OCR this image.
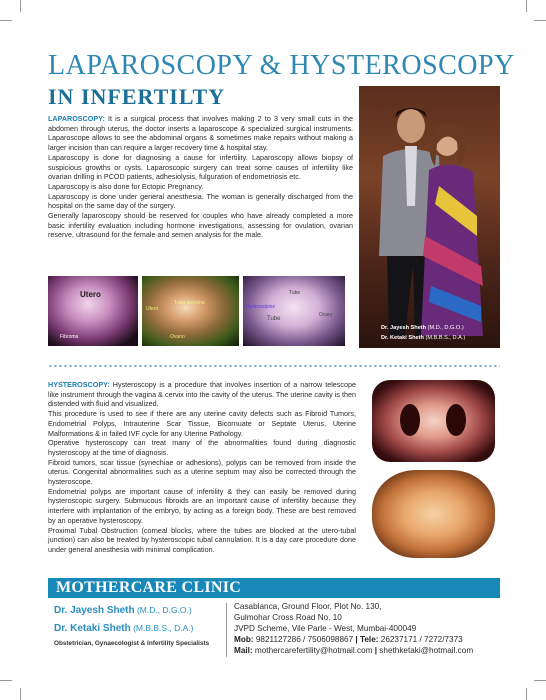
LAPAROSCOPY & HYSTEROSCOPY
IN INFERTILTY

LAPAROSCOPY: It is a surgical process that involves making 2 to 3 very small cuts in the abdomen through uterus, the doctor inserts a laparoscope & specialized surgical instruments. Laparoscope allows to see the abdominal organs & sometimes make repairs without making a larger incision than can require a larger recovery time & hospital stay.

Laparoscopy is done for diagnosing a cause for infertility. Laparoscopy allows biopsy of suspicious growths or cysts. Laparoscopic surgery can treat some causes of infertility like ovarian drilling in PCOD patients, adhesiolysis, fulguration of endometriosis etc.

Laparoscopy is also done for Ectopic Pregnancy.

Laparoscopy is done under general anesthesia. The woman is generally discharged from the hospital on the same day of the surgery.

Generally laparoscopy should be reserved for couples who have already completed a more basic infertility evaluation including hormone investigations, assessing for ovulation, ovarian reserve, ultrasound for the female and semen analysis for the male.

Utero
Fibroma
Tuba derecha
Utero
Ovario
Tube
Hydrosalpinx
Tube
Ovary
Dr. Jayesh Sheth (M.D., D.G.O.)
Dr. Ketaki Sheth (M.B.B.S., D.A.)

HYSTEROSCOPY: Hysteroscopy is a procedure that involves insertion of a narrow telescope like instrument through the vagina & cervix into the cavity of the uterus. The uterine cavity is then distended with fluid and visualized.

This procedure is used to see if there are any uterine cavity defects such as Fibroid Tumors, Endometrial Polyps, Intrauterine Scar Tissue, Bicornuate or Septate Uterus, Uterine Malformations & in failed IVF cycle for any Uterine Pathology.

Operative hysteroscopy can treat many of the abnormalities found during diagnostic hysteroscopy at the time of diagnosis.

Fibroid tumors, scar tissue (synechiae or adhesions), polyps can be removed from inside the uterus. Congenital abnormalities such as a uterine septum may also be corrected through the hysteroscope.

Endometrial polyps are important cause of infertility & they can easily be removed during hysteroscopic surgery. Submucous fibroids are an important cause of infertility because they interfere with implantation of the embryo, by acting as a foreign body. These are best removed by an operative hysteroscopy.

Proximal Tubal Obstruction (corneal blocks, where the tubes are blocked at the utero-tubal junction) can also be treated by hysteroscopic tubal cannulation. It is a day care procedure done under general anesthesia with minimal complication.

MOTHERCARE CLINIC
Dr. Jayesh Sheth (M.D., D.G.O.)
Dr. Ketaki Sheth (M.B.B.S., D.A.)
Obstetrician, Gynaecologist & Infertility Specialists
Casablanca, Ground Floor, Plot No. 130,
Gulmohar Cross Road No. 10
JVPD Scheme, Vile Parle - West, Mumbai-400049
Mob: 9821127286 / 7506098867 | Tele: 26237171 / 7272/7373
Mail: mothercarefertility@hotmail.com | shethketaki@hotmail.com
